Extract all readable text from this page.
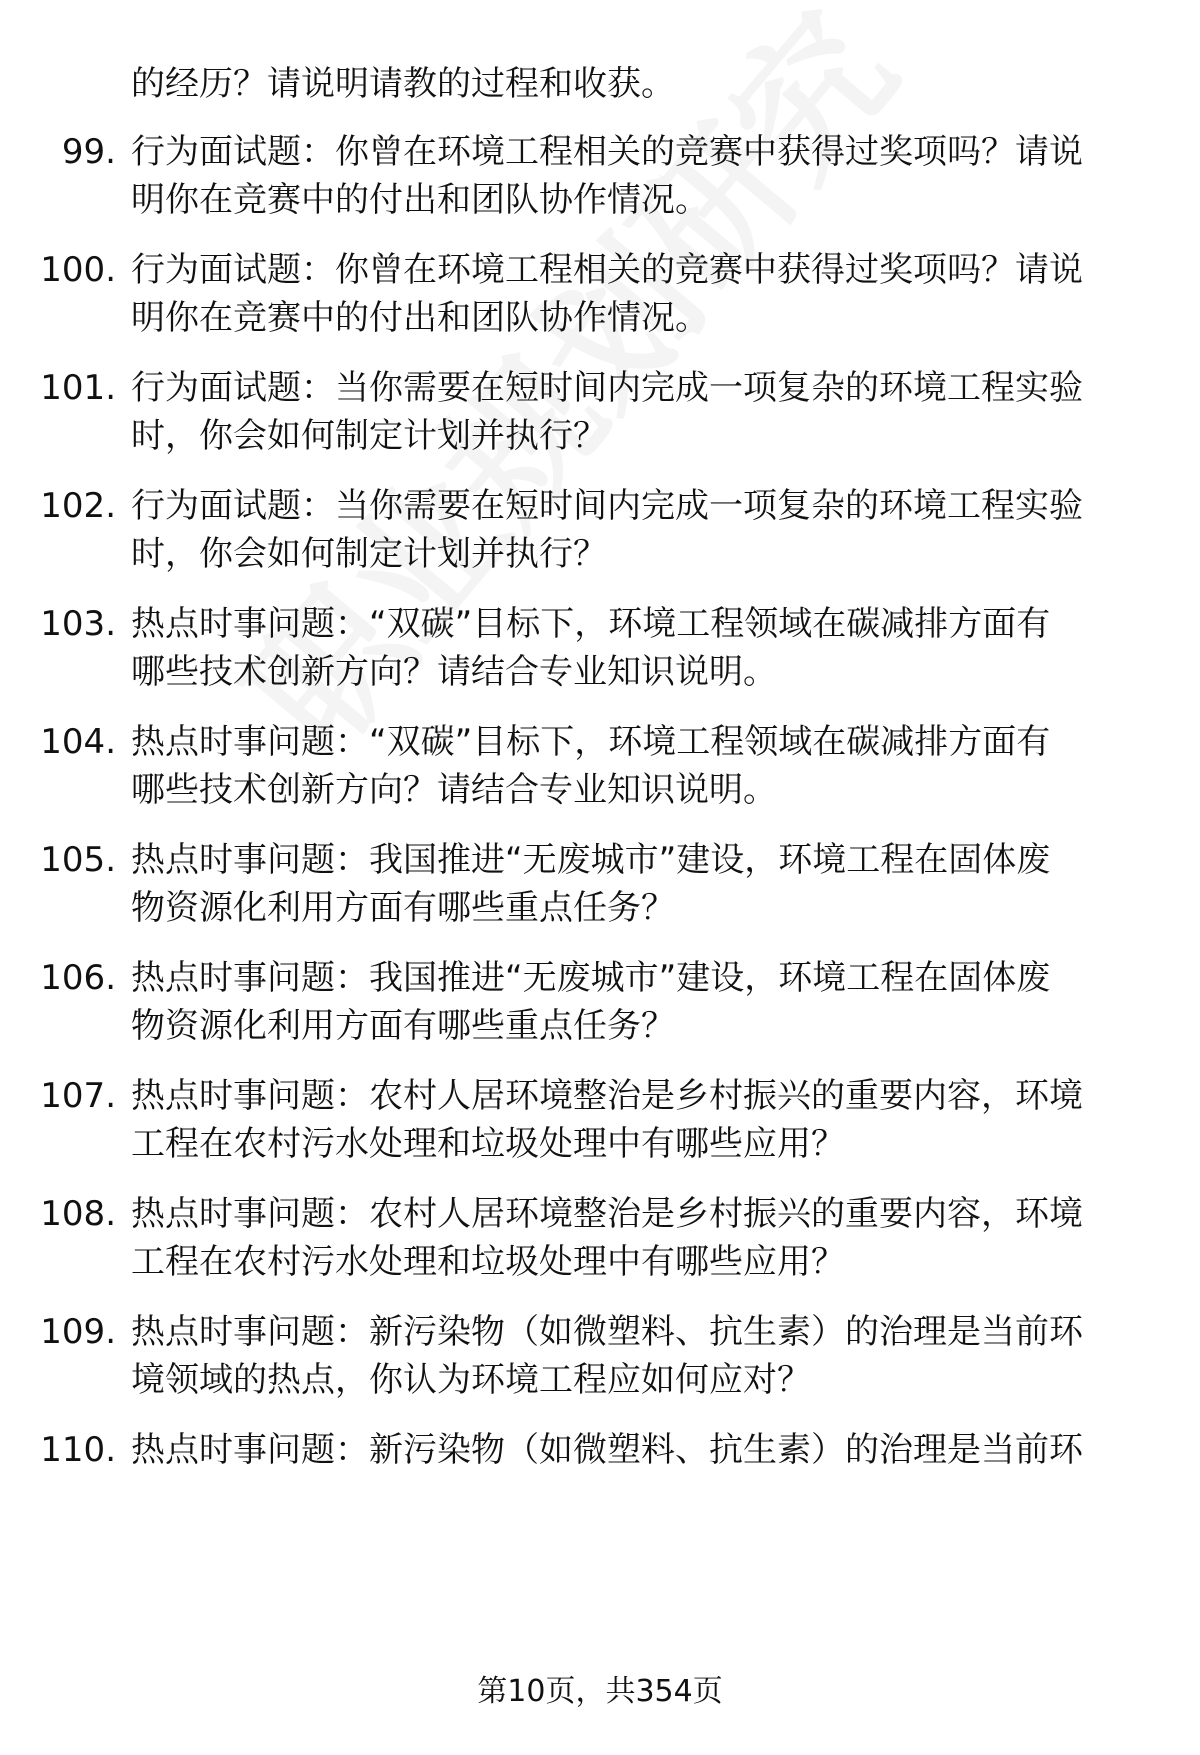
的经历？请说明请教的过程和收获。
99. 行为面试题：你曾在环境工程相关的竞赛中获得过奖项吗？请说
明你在竞赛中的付出和团队协作情况。
100. 行为面试题：你曾在环境工程相关的竞赛中获得过奖项吗？请说
明你在竞赛中的付出和团队协作情况。
101. 行为面试题：当你需要在短时间内完成一项复杂的环境工程实验
时，你会如何制定计划并执行？
102. 行为面试题：当你需要在短时间内完成一项复杂的环境工程实验
时，你会如何制定计划并执行？
103. 热点时事问题：“双碳”目标下，环境工程领域在碳减排方面有
哪些技术创新方向？请结合专业知识说明。
104. 热点时事问题：“双碳”目标下，环境工程领域在碳减排方面有
哪些技术创新方向？请结合专业知识说明。
105. 热点时事问题：我国推进“无废城市”建设，环境工程在固体废
物资源化利用方面有哪些重点任务？
106. 热点时事问题：我国推进“无废城市”建设，环境工程在固体废
物资源化利用方面有哪些重点任务？
107. 热点时事问题：农村人居环境整治是乡村振兴的重要内容，环境
工程在农村污水处理和垃圾处理中有哪些应用？
108. 热点时事问题：农村人居环境整治是乡村振兴的重要内容，环境
工程在农村污水处理和垃圾处理中有哪些应用？
109. 热点时事问题：新污染物（如微塑料、抗生素）的治理是当前环
境领域的热点，你认为环境工程应如何应对？
110. 热点时事问题：新污染物（如微塑料、抗生素）的治理是当前环
第10页，共354页
